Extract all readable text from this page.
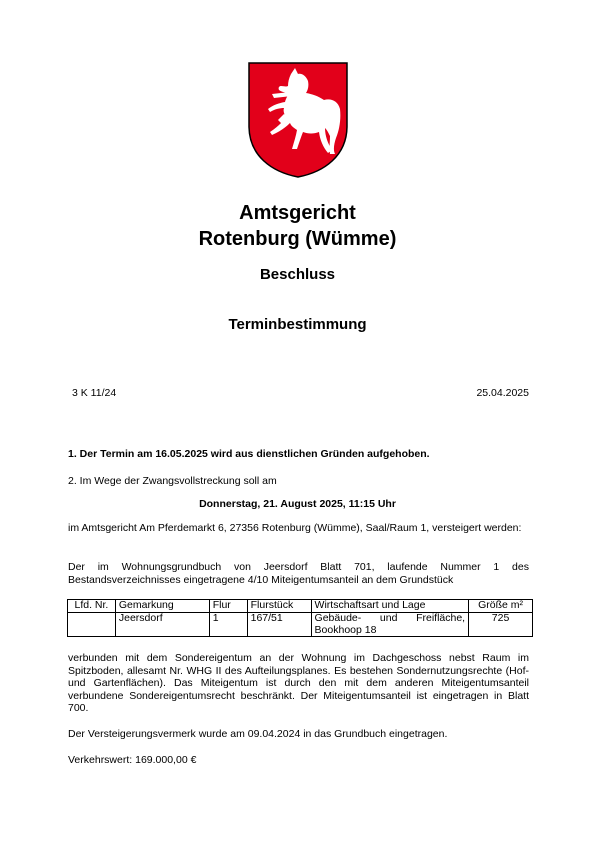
Amtsgericht
Rotenburg (Wümme)
Beschluss
Terminbestimmung
3 K 11/24	25.04.2025
1. Der Termin am 16.05.2025 wird aus dienstlichen Gründen aufgehoben.
2. Im Wege der Zwangsvollstreckung soll am
Donnerstag, 21. August 2025, 11:15 Uhr
im Amtsgericht Am Pferdemarkt 6, 27356 Rotenburg (Wümme), Saal/Raum 1, versteigert werden:
Der im Wohnungsgrundbuch von Jeersdorf Blatt 701, laufende Nummer 1 des Bestandsverzeichnisses eingetragene 4/10 Miteigentumsanteil an dem Grundstück
Lfd. Nr.	Gemarkung	Flur	Flurstück	Wirtschaftsart und Lage	Größe m²
	Jeersdorf	1	167/51	Gebäude- und Freifläche, Bookhoop 18	725
verbunden mit dem Sondereigentum an der Wohnung im Dachgeschoss nebst Raum im Spitzboden, allesamt Nr. WHG II des Aufteilungsplanes. Es bestehen Sondernutzungsrechte (Hof- und Gartenflächen). Das Miteigentum ist durch den mit dem anderen Miteigentumsanteil verbundene Sondereigentumsrecht beschränkt. Der Miteigentumsanteil ist eingetragen in Blatt 700.
Der Versteigerungsvermerk wurde am 09.04.2024 in das Grundbuch eingetragen.
Verkehrswert: 169.000,00 €
